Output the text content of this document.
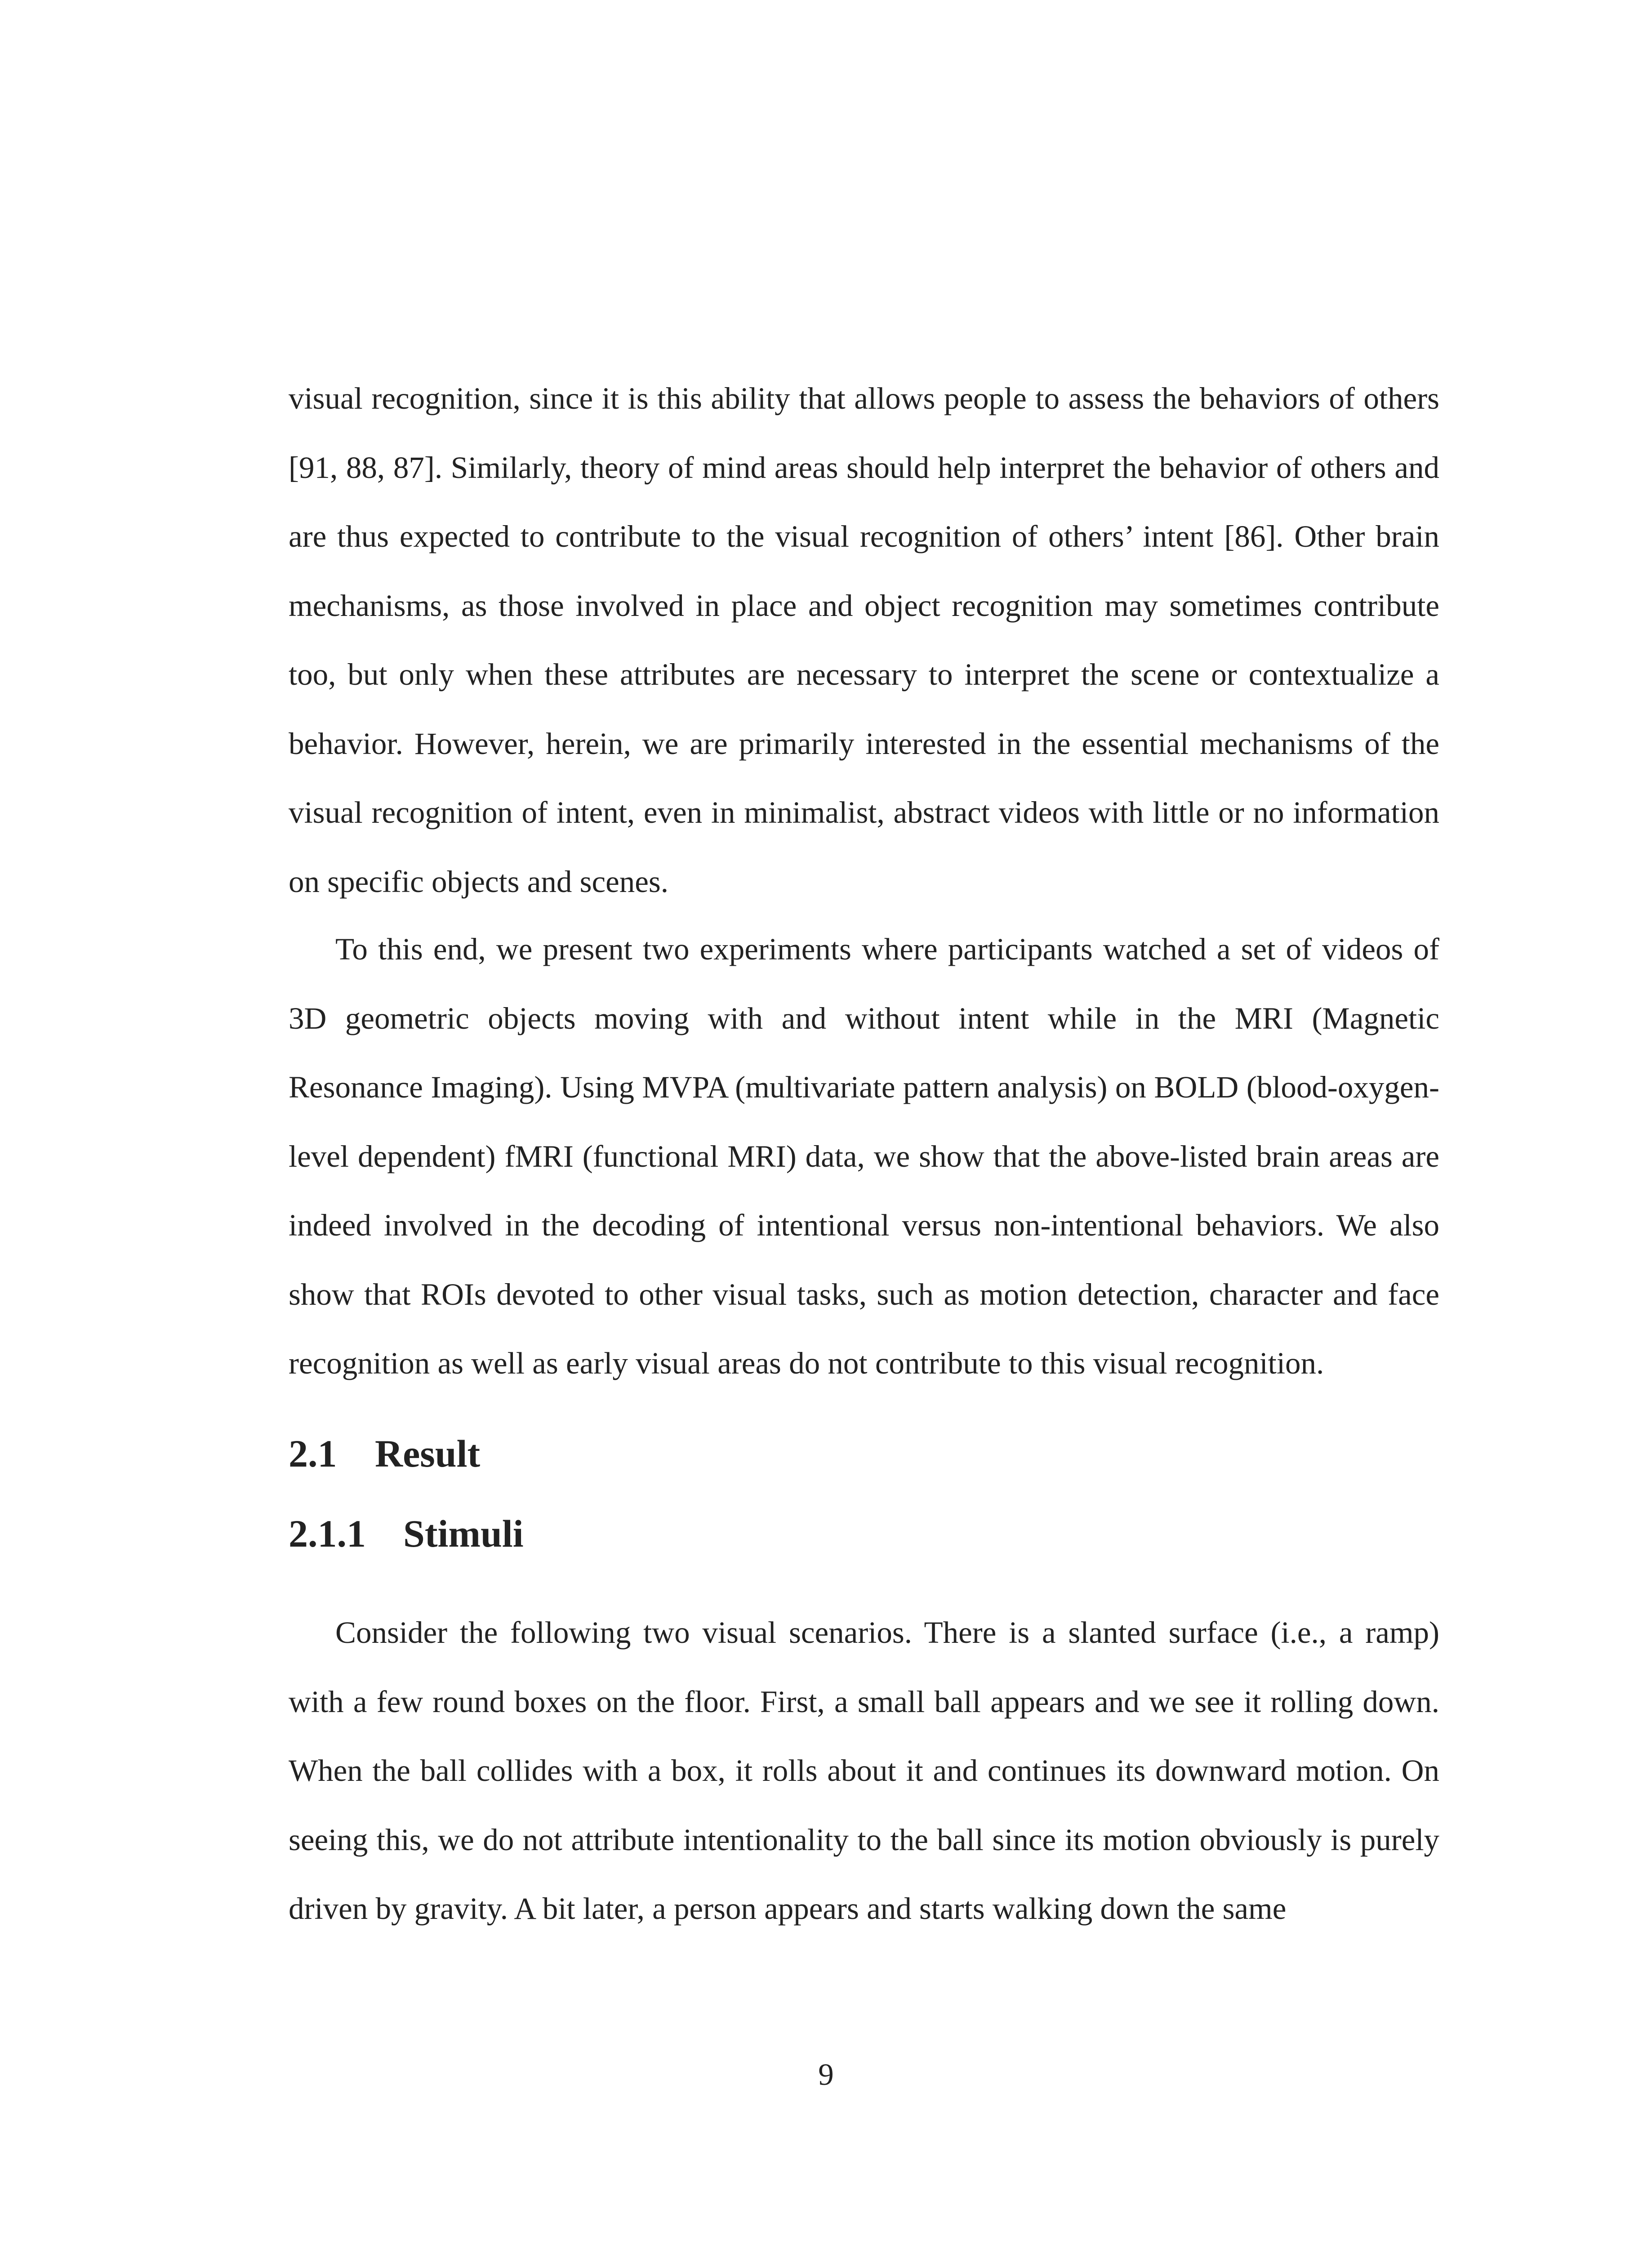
visual recognition, since it is this ability that allows people to assess the behaviors of others [91, 88, 87]. Similarly, theory of mind areas should help interpret the behavior of others and are thus expected to contribute to the visual recognition of others’ intent [86]. Other brain mechanisms, as those involved in place and object recognition may sometimes contribute too, but only when these attributes are necessary to interpret the scene or contextualize a behavior. However, herein, we are primarily interested in the essential mechanisms of the visual recognition of intent, even in minimalist, abstract videos with little or no information on specific objects and scenes.

To this end, we present two experiments where participants watched a set of videos of 3D geometric objects moving with and without intent while in the MRI (Magnetic Resonance Imaging). Using MVPA (multivariate pattern analysis) on BOLD (blood-oxygen-level dependent) fMRI (functional MRI) data, we show that the above-listed brain areas are indeed involved in the decoding of intentional versus non-intentional behaviors. We also show that ROIs devoted to other visual tasks, such as motion detection, character and face recognition as well as early visual areas do not contribute to this visual recognition.

2.1 Result
2.1.1 Stimuli

Consider the following two visual scenarios. There is a slanted surface (i.e., a ramp) with a few round boxes on the floor. First, a small ball appears and we see it rolling down. When the ball collides with a box, it rolls about it and continues its downward motion. On seeing this, we do not attribute intentionality to the ball since its motion obviously is purely driven by gravity. A bit later, a person appears and starts walking down the same

9
